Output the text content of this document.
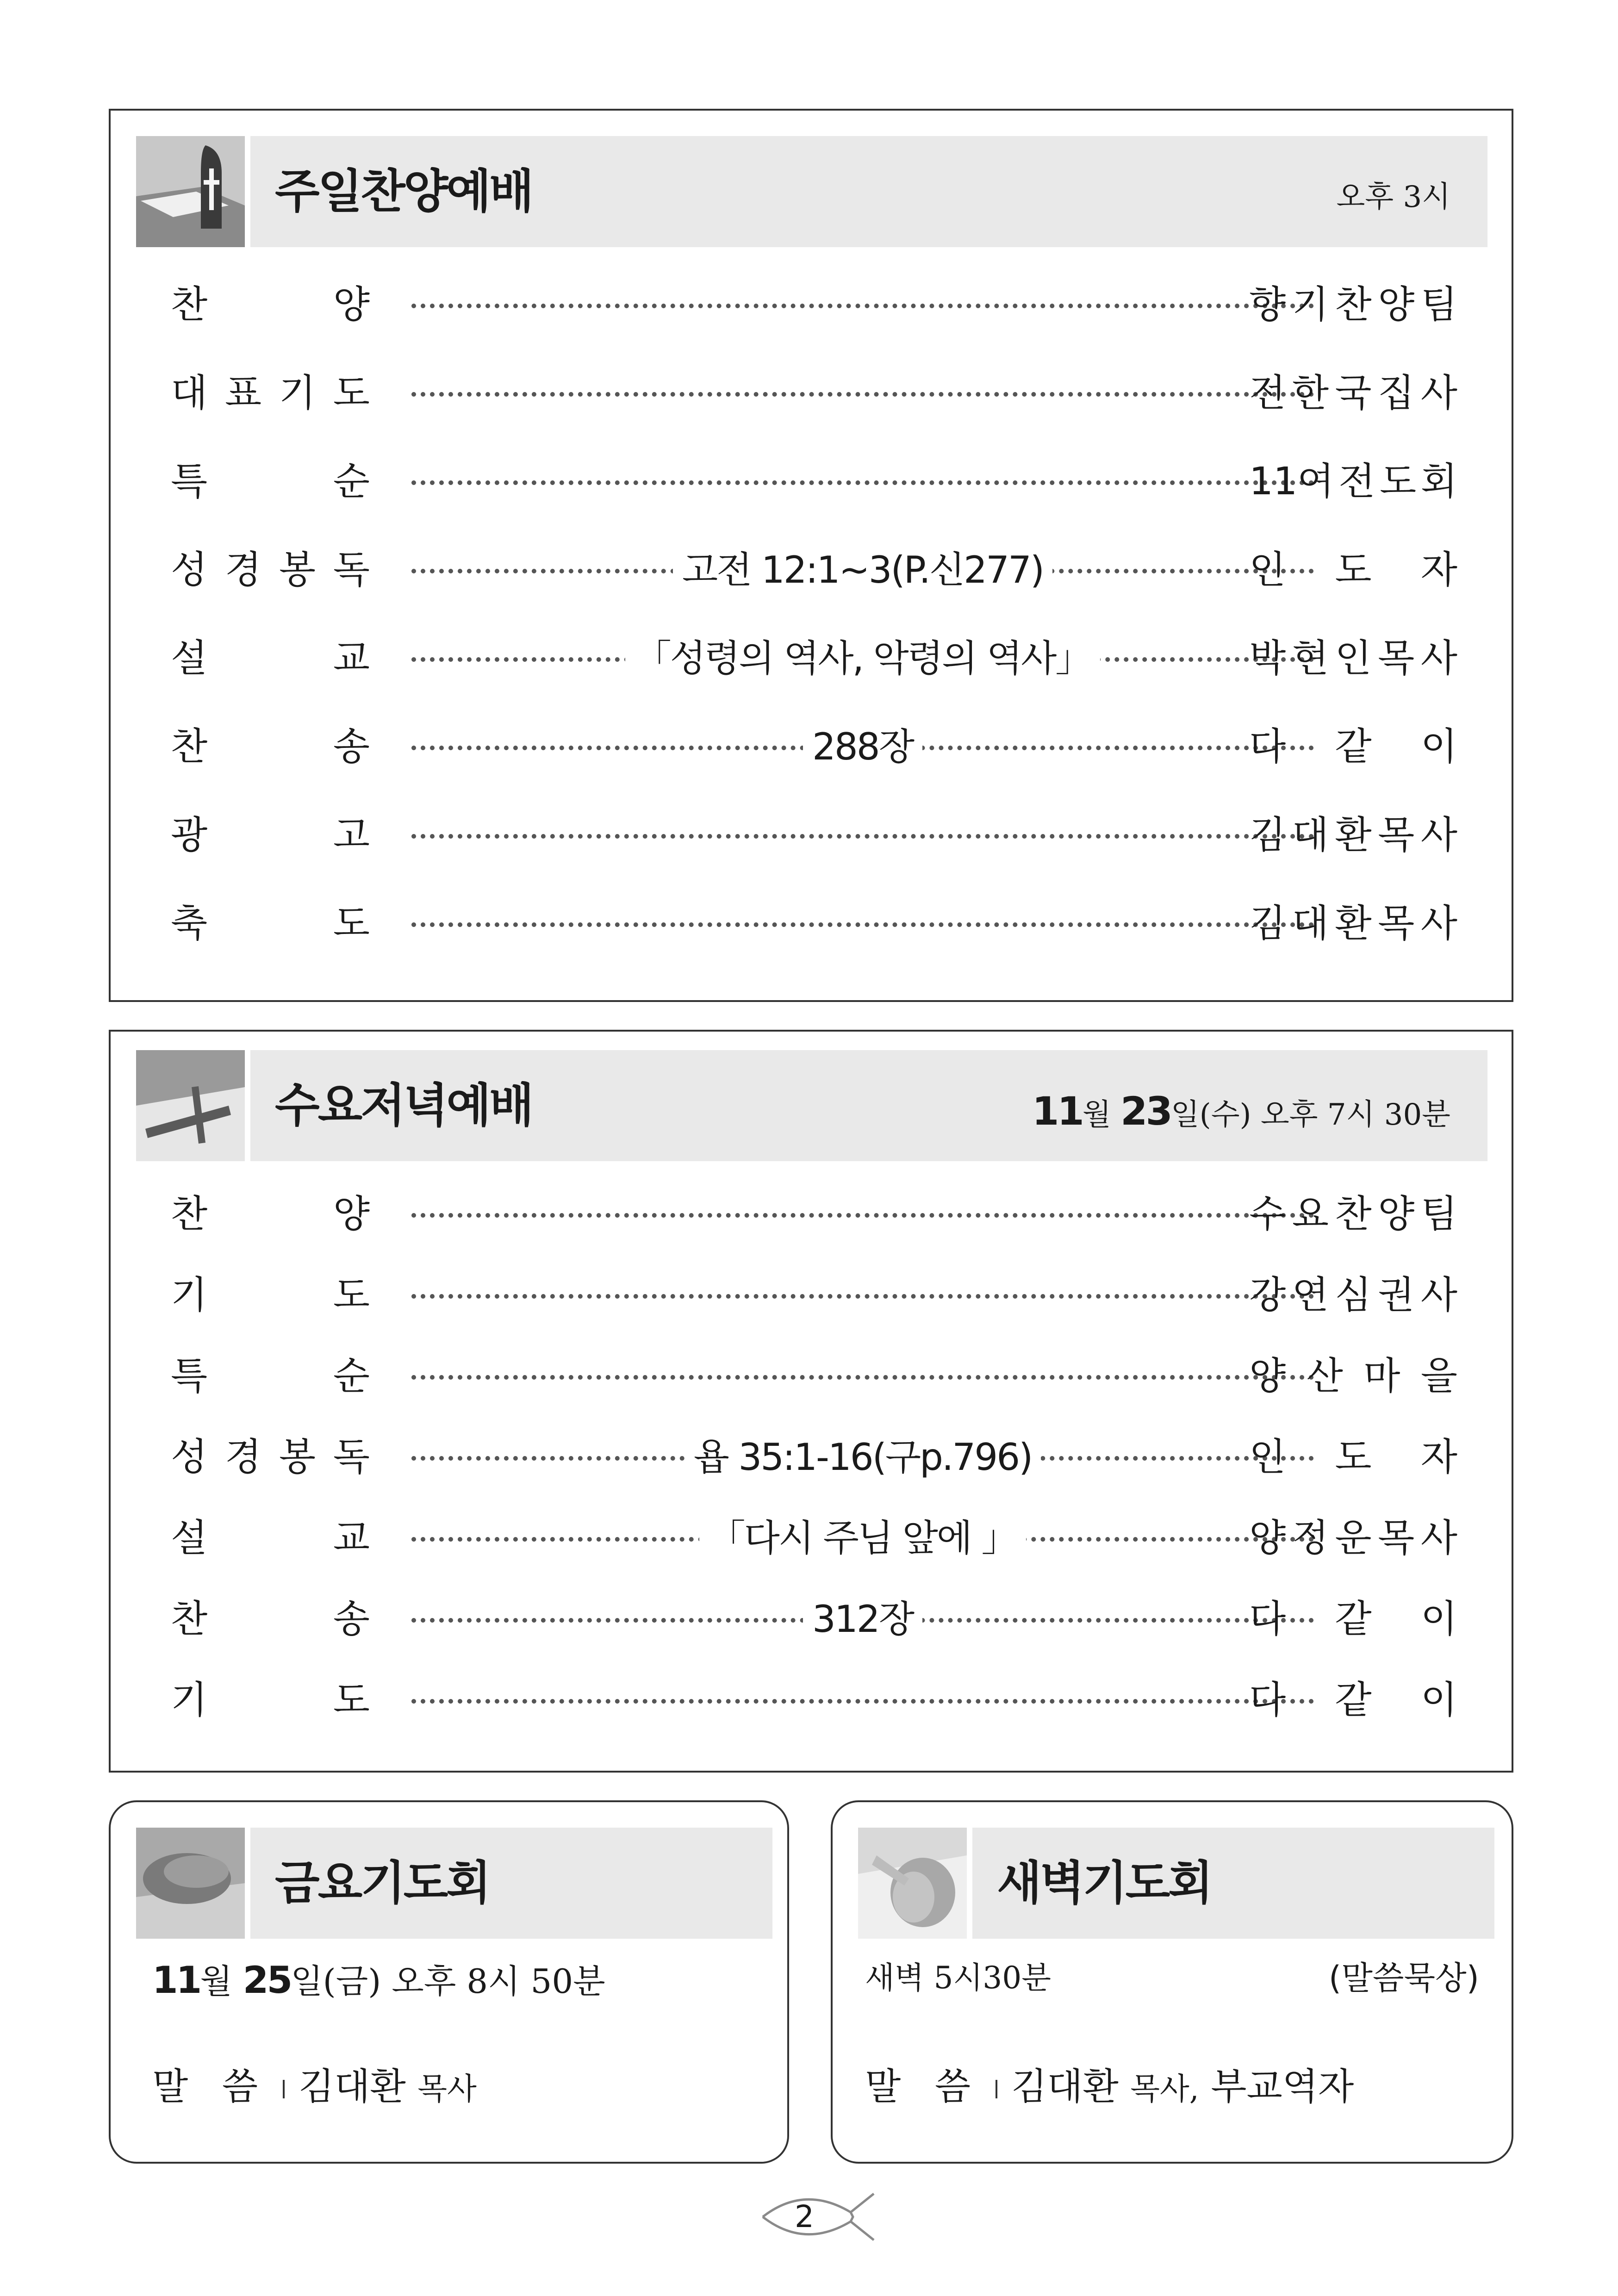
주일찬양예배	오후 3시
찬	양	향 기 찬 양 팀
대 표 기 도	전 한 국 집 사
특	순	11여 전 도 회
성 경 봉 독	고전 12:1~3(P.신277)	인 도 자
설	교	「성령의 역사, 악령의 역사」	박 현 인 목 사
찬	송	288장	다 같 이
광	고	김 대 환 목 사
축	도	김 대 환 목 사
수요저녁예배	11월 23일(수) 오후 7시 30분
찬	양	수 요 찬 양 팀
기	도	강 연 심 권 사
특	순	양 산 마 을
성 경 봉 독	욥 35:1-16(구p.796)	인 도 자
설	교	「다시 주님 앞에 」	양 정 운 목 사
찬	송	312장	다 같 이
기	도	다 같 이
금요기도회
11월 25일(금) 오후 8시 50분
말 씀 김대환 목사
새벽기도회
새벽 5시30분	(말씀묵상)
말 씀 김대환 목사, 부교역자
2
